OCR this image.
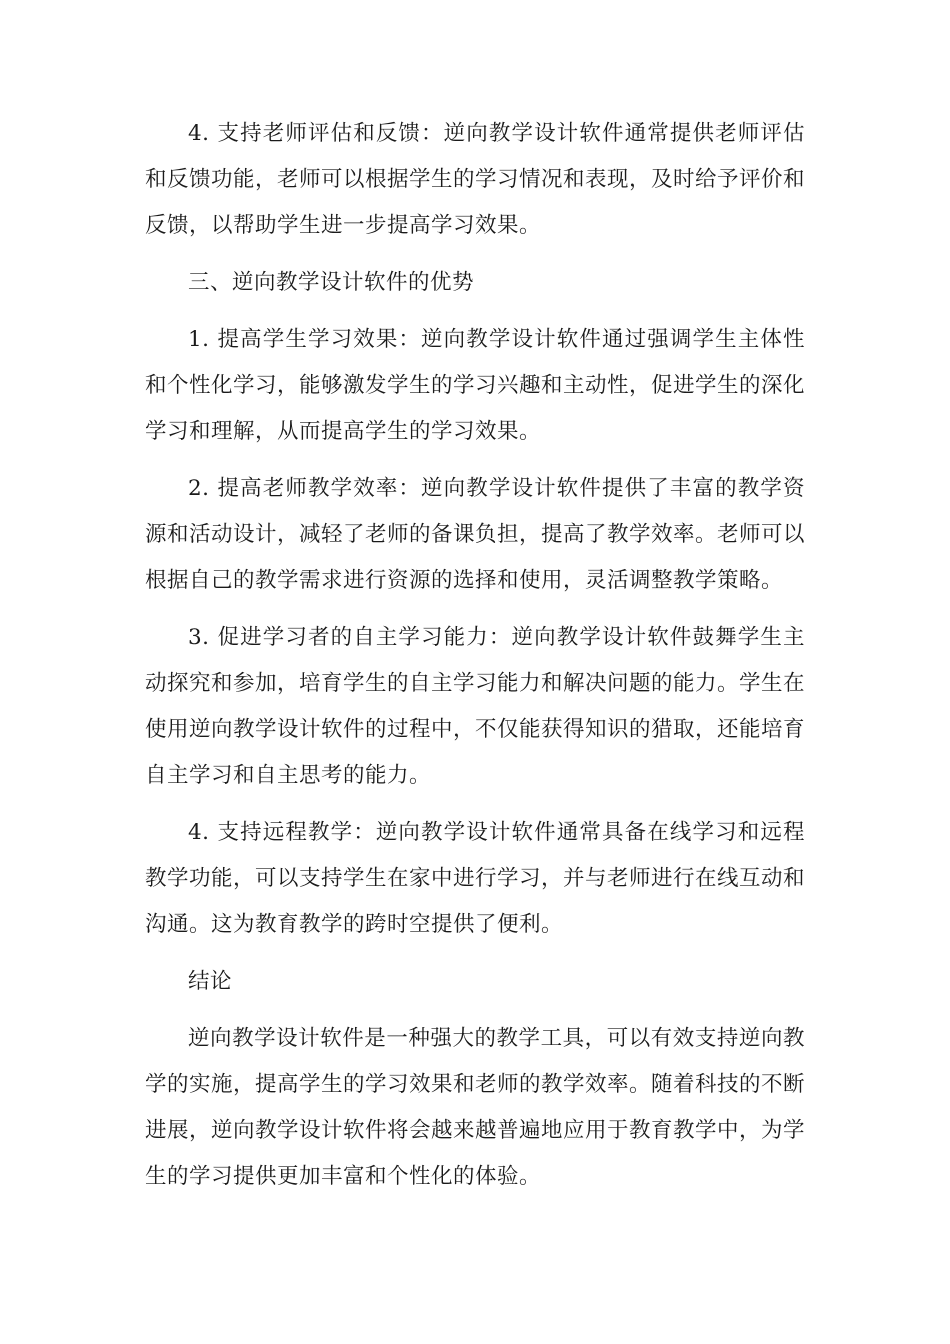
4. 支持老师评估和反馈：逆向教学设计软件通常提供老师评估和反馈功能，老师可以根据学生的学习情况和表现，及时给予评价和反馈，以帮助学生进一步提高学习效果。

三、逆向教学设计软件的优势

1. 提高学生学习效果：逆向教学设计软件通过强调学生主体性和个性化学习，能够激发学生的学习兴趣和主动性，促进学生的深化学习和理解，从而提高学生的学习效果。

2. 提高老师教学效率：逆向教学设计软件提供了丰富的教学资源和活动设计，减轻了老师的备课负担，提高了教学效率。老师可以根据自己的教学需求进行资源的选择和使用，灵活调整教学策略。

3. 促进学习者的自主学习能力：逆向教学设计软件鼓舞学生主动探究和参加，培育学生的自主学习能力和解决问题的能力。学生在使用逆向教学设计软件的过程中，不仅能获得知识的猎取，还能培育自主学习和自主思考的能力。

4. 支持远程教学：逆向教学设计软件通常具备在线学习和远程教学功能，可以支持学生在家中进行学习，并与老师进行在线互动和沟通。这为教育教学的跨时空提供了便利。

结论

逆向教学设计软件是一种强大的教学工具，可以有效支持逆向教学的实施，提高学生的学习效果和老师的教学效率。随着科技的不断进展，逆向教学设计软件将会越来越普遍地应用于教育教学中，为学生的学习提供更加丰富和个性化的体验。
